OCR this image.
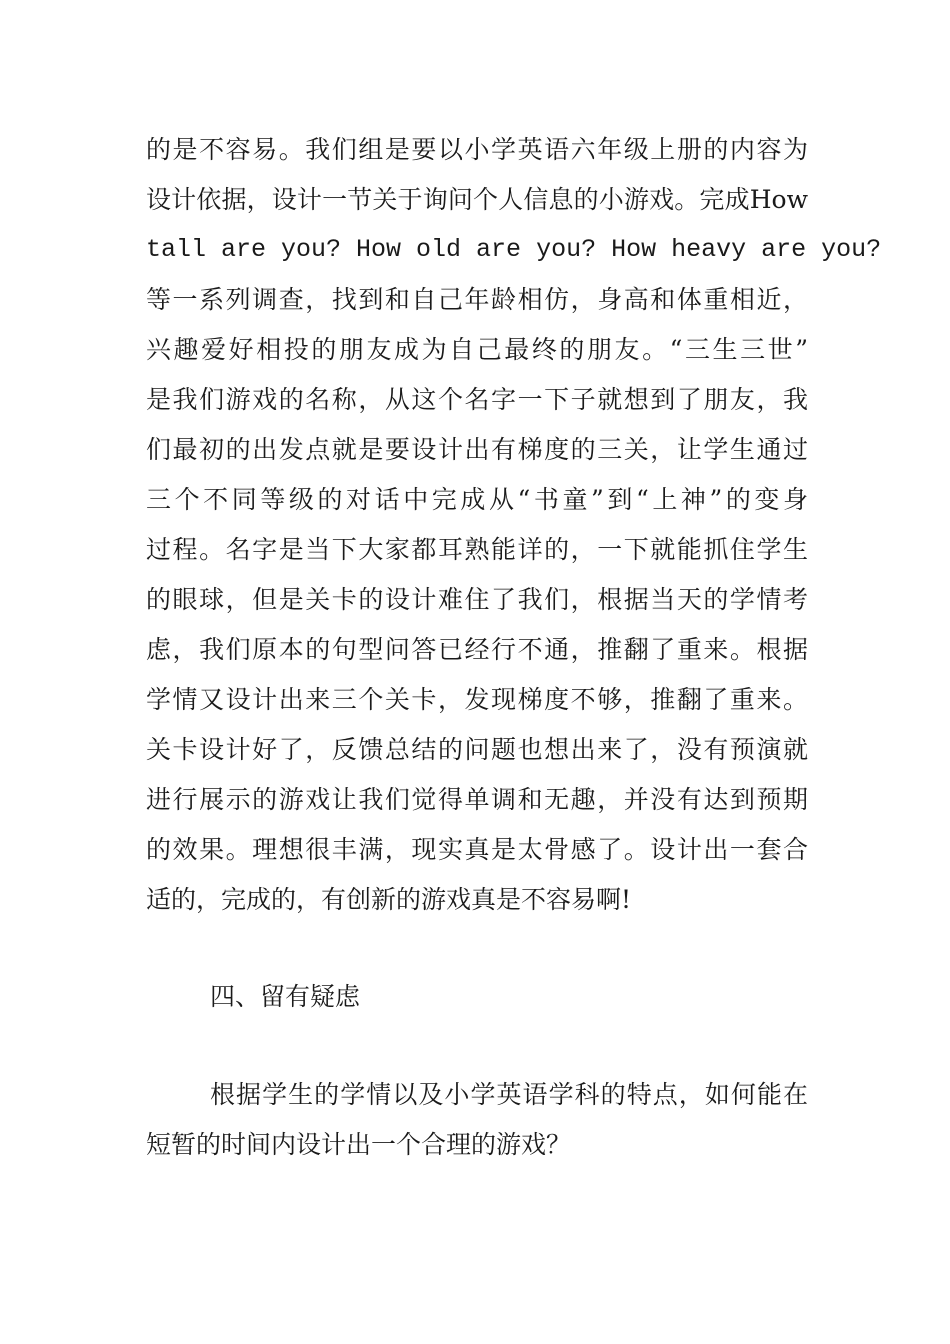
的是不容易。我们组是要以小学英语六年级上册的内容为
设计依据，设计一节关于询问个人信息的小游戏。完成How
tall are you? How old are you? How heavy are you?
等一系列调查，找到和自己年龄相仿，身高和体重相近，
兴趣爱好相投的朋友成为自己最终的朋友。“三生三世”
是我们游戏的名称，从这个名字一下子就想到了朋友，我
们最初的出发点就是要设计出有梯度的三关，让学生通过
三个不同等级的对话中完成从“书童”到“上神”的变身
过程。名字是当下大家都耳熟能详的，一下就能抓住学生
的眼球，但是关卡的设计难住了我们，根据当天的学情考
虑，我们原本的句型问答已经行不通，推翻了重来。根据
学情又设计出来三个关卡，发现梯度不够，推翻了重来。
关卡设计好了，反馈总结的问题也想出来了，没有预演就
进行展示的游戏让我们觉得单调和无趣，并没有达到预期
的效果。理想很丰满，现实真是太骨感了。设计出一套合
适的，完成的，有创新的游戏真是不容易啊!
四、留有疑虑
根据学生的学情以及小学英语学科的特点，如何能在
短暂的时间内设计出一个合理的游戏？
